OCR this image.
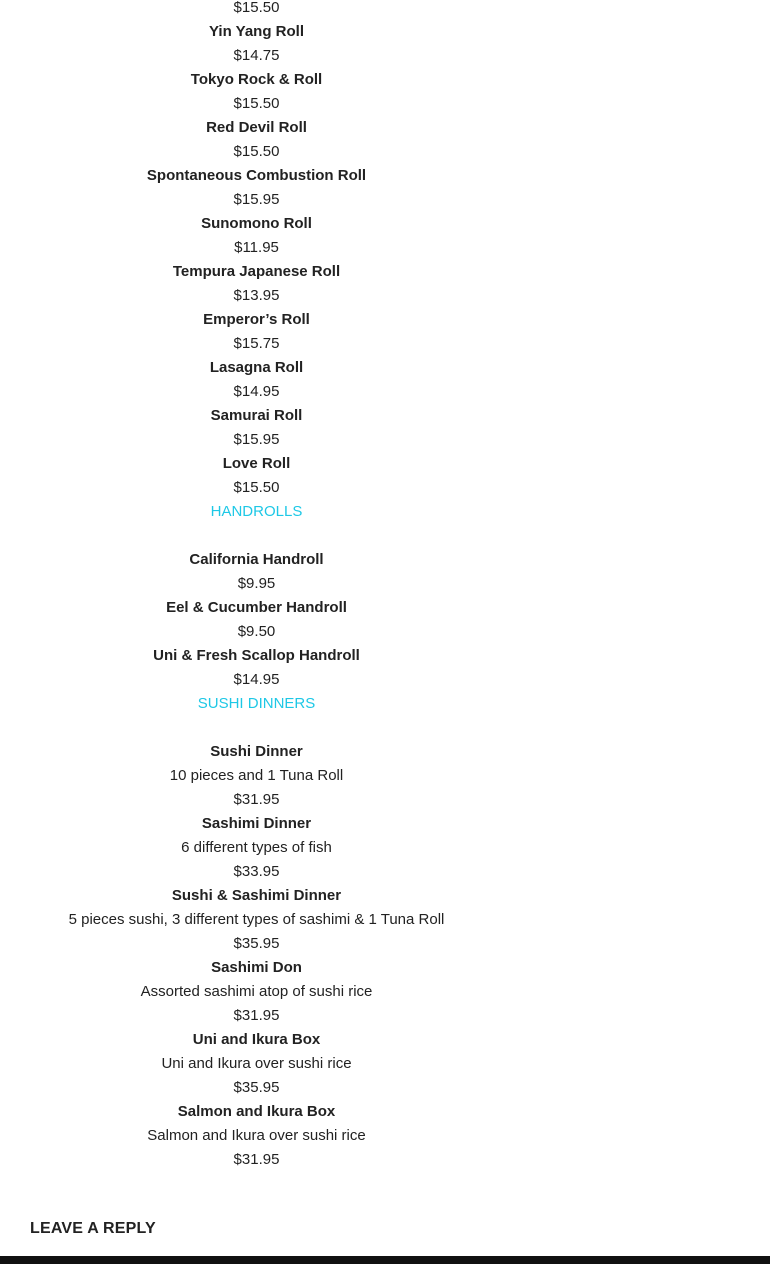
$15.50
Yin Yang Roll
$14.75
Tokyo Rock & Roll
$15.50
Red Devil Roll
$15.50
Spontaneous Combustion Roll
$15.95
Sunomono Roll
$11.95
Tempura Japanese Roll
$13.95
Emperor’s Roll
$15.75
Lasagna Roll
$14.95
Samurai Roll
$15.95
Love Roll
$15.50
HANDROLLS
California Handroll
$9.95
Eel & Cucumber Handroll
$9.50
Uni & Fresh Scallop Handroll
$14.95
SUSHI DINNERS
Sushi Dinner
10 pieces and 1 Tuna Roll
$31.95
Sashimi Dinner
6 different types of fish
$33.95
Sushi & Sashimi Dinner
5 pieces sushi, 3 different types of sashimi & 1 Tuna Roll
$35.95
Sashimi Don
Assorted sashimi atop of sushi rice
$31.95
Uni and Ikura Box
Uni and Ikura over sushi rice
$35.95
Salmon and Ikura Box
Salmon and Ikura over sushi rice
$31.95
LEAVE A REPLY
